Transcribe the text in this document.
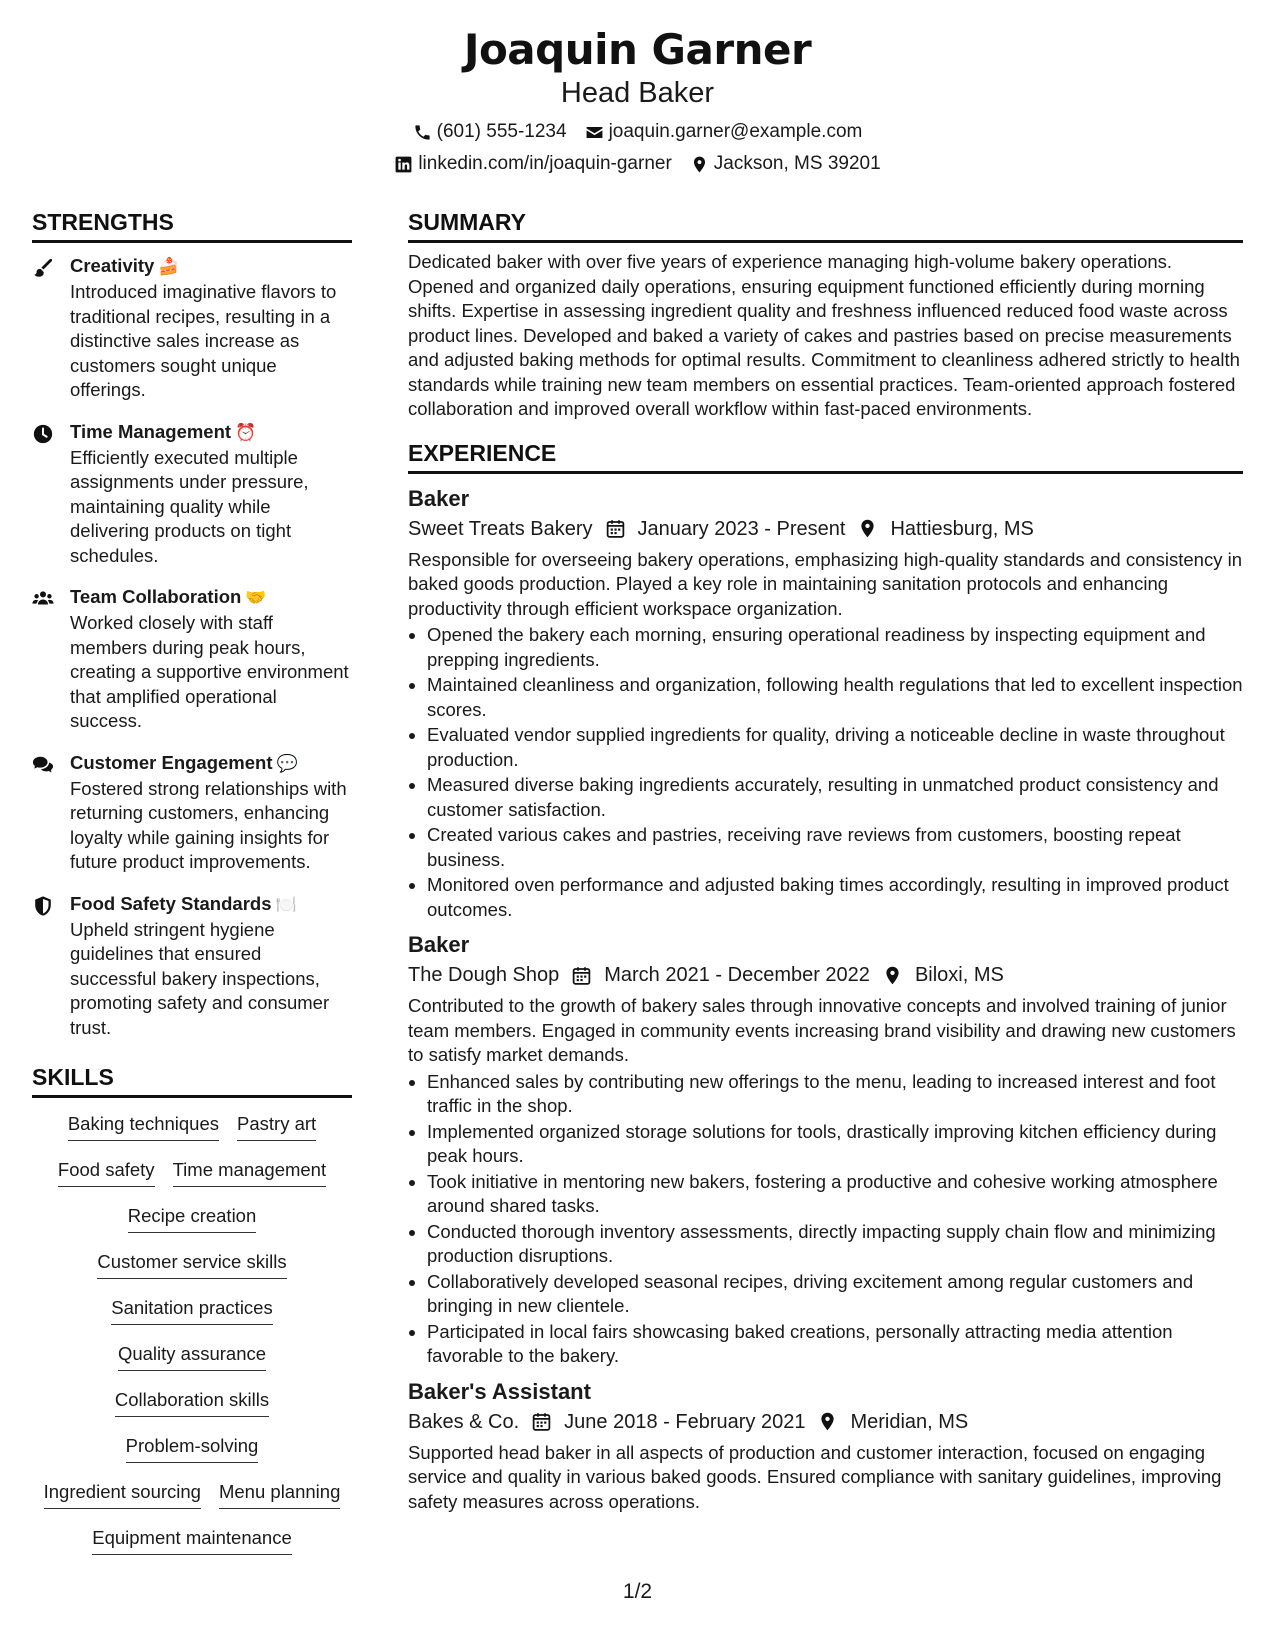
Joaquin Garner
Head Baker
(601) 555-1234 joaquin.garner@example.com
linkedin.com/in/joaquin-garner Jackson, MS 39201
STRENGTHS
Creativity 🍰
Introduced imaginative flavors to traditional recipes, resulting in a distinctive sales increase as customers sought unique offerings.
Time Management ⏰
Efficiently executed multiple assignments under pressure, maintaining quality while delivering products on tight schedules.
Team Collaboration 🤝
Worked closely with staff members during peak hours, creating a supportive environment that amplified operational success.
Customer Engagement 💬
Fostered strong relationships with returning customers, enhancing loyalty while gaining insights for future product improvements.
Food Safety Standards 🍽️
Upheld stringent hygiene guidelines that ensured successful bakery inspections, promoting safety and consumer trust.
SKILLS
Baking techniques Pastry art
Food safety Time management
Recipe creation
Customer service skills
Sanitation practices
Quality assurance
Collaboration skills
Problem-solving
Ingredient sourcing Menu planning
Equipment maintenance
SUMMARY
Dedicated baker with over five years of experience managing high-volume bakery operations. Opened and organized daily operations, ensuring equipment functioned efficiently during morning shifts. Expertise in assessing ingredient quality and freshness influenced reduced food waste across product lines. Developed and baked a variety of cakes and pastries based on precise measurements and adjusted baking methods for optimal results. Commitment to cleanliness adhered strictly to health standards while training new team members on essential practices. Team-oriented approach fostered collaboration and improved overall workflow within fast-paced environments.
EXPERIENCE
Baker
Sweet Treats Bakery January 2023 - Present Hattiesburg, MS
Responsible for overseeing bakery operations, emphasizing high-quality standards and consistency in baked goods production. Played a key role in maintaining sanitation protocols and enhancing productivity through efficient workspace organization.
• Opened the bakery each morning, ensuring operational readiness by inspecting equipment and prepping ingredients.
• Maintained cleanliness and organization, following health regulations that led to excellent inspection scores.
• Evaluated vendor supplied ingredients for quality, driving a noticeable decline in waste throughout production.
• Measured diverse baking ingredients accurately, resulting in unmatched product consistency and customer satisfaction.
• Created various cakes and pastries, receiving rave reviews from customers, boosting repeat business.
• Monitored oven performance and adjusted baking times accordingly, resulting in improved product outcomes.
Baker
The Dough Shop March 2021 - December 2022 Biloxi, MS
Contributed to the growth of bakery sales through innovative concepts and involved training of junior team members. Engaged in community events increasing brand visibility and drawing new customers to satisfy market demands.
• Enhanced sales by contributing new offerings to the menu, leading to increased interest and foot traffic in the shop.
• Implemented organized storage solutions for tools, drastically improving kitchen efficiency during peak hours.
• Took initiative in mentoring new bakers, fostering a productive and cohesive working atmosphere around shared tasks.
• Conducted thorough inventory assessments, directly impacting supply chain flow and minimizing production disruptions.
• Collaboratively developed seasonal recipes, driving excitement among regular customers and bringing in new clientele.
• Participated in local fairs showcasing baked creations, personally attracting media attention favorable to the bakery.
Baker's Assistant
Bakes & Co. June 2018 - February 2021 Meridian, MS
Supported head baker in all aspects of production and customer interaction, focused on engaging service and quality in various baked goods. Ensured compliance with sanitary guidelines, improving safety measures across operations.
1/2
